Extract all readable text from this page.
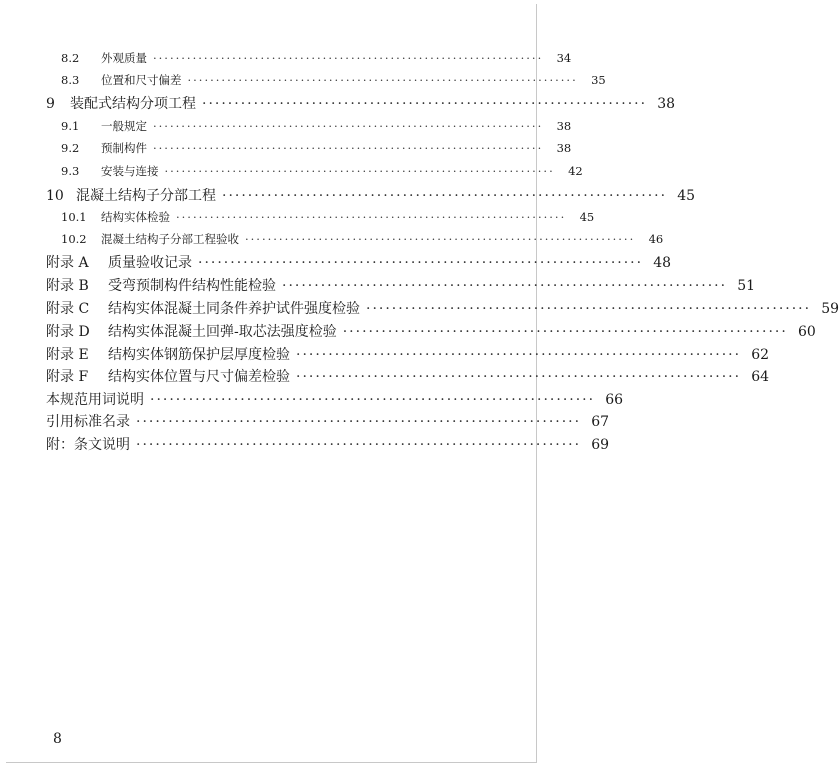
8.2	外观质量 ·····································································	34
8.3	位置和尺寸偏差 ·····································································	35
9	装配式结构分项工程 ····································································· 38
9.1	一般规定 ·····································································	38
9.2	预制构件 ·····································································	38
9.3	安装与连接 ·····································································	42
10 混凝土结构子分部工程 ····································································· 45
10.1	结构实体检验 ·····································································	45
10.2	混凝土结构子分部工程验收 ·····································································	46
附录 A	质量验收记录 ····································································· 48
附录 B	受弯预制构件结构性能检验 ····································································· 51
附录 C	结构实体混凝土同条件养护试件强度检验 ····································································· 59
附录 D	结构实体混凝土回弹-取芯法强度检验 ····································································· 60
附录 E	结构实体钢筋保护层厚度检验 ····································································· 62
附录 F	结构实体位置与尺寸偏差检验 ····································································· 64
本规范用词说明 ····································································· 66
引用标准名录 ····································································· 67
附：条文说明 ····································································· 69
8
